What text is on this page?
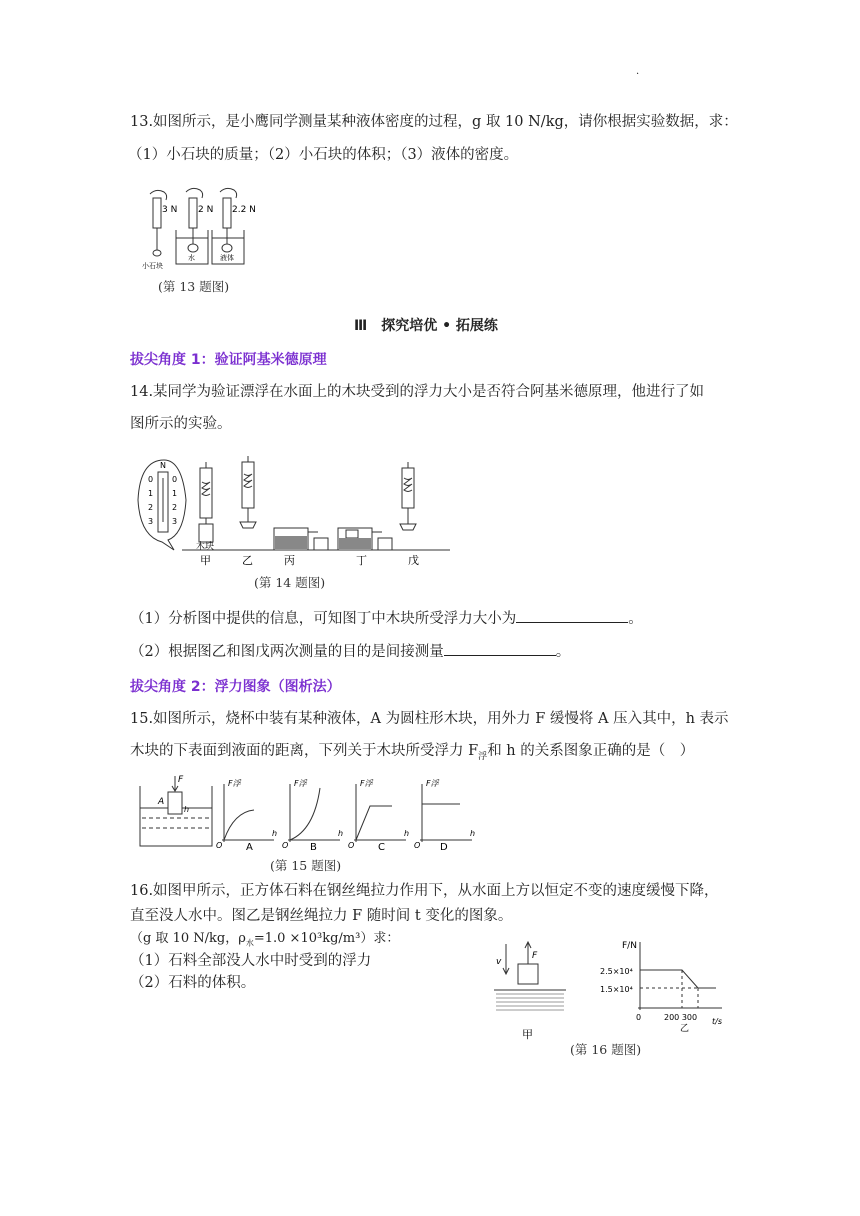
.
13.如图所示，是小鹰同学测量某种液体密度的过程，g 取 10 N/kg，请你根据实验数据，求：
（1）小石块的质量；（2）小石块的体积；（3）液体的密度。
3 N 2 N 2.2 N
小石块
水	液体
(第 13 题图)
Ⅲ　探究培优 • 拓展练
拔尖角度 1：验证阿基米德原理
14.某同学为验证漂浮在水面上的木块受到的浮力大小是否符合阿基米德原理，他进行了如
图所示的实验。
N
0
1
2
3
0
1
2
3
木块
甲	乙	丙	丁	戊
(第 14 题图)
（1）分析图中提供的信息，可知图丁中木块所受浮力大小为	。
（2）根据图乙和图戊两次测量的目的是间接测量	。
拔尖角度 2：浮力图象（图析法）
15.如图所示，烧杯中装有某种液体，A 为圆柱形木块，用外力 F 缓慢将 A 压入其中，h 表示
木块的下表面到液面的距离，下列关于木块所受浮力 $F_浮$和 h 的关系图象正确的是（　）
F
A
h
F浮
h
O A
F浮
h
O B
F浮
h
O C
F浮
h
O D
(第 15 题图)
16.如图甲所示，正方体石料在钢丝绳拉力作用下，从水面上方以恒定不变的速度缓慢下降，
直至没人水中。图乙是钢丝绳拉力 F 随时间 t 变化的图象。
（g 取 10 N/kg，$\rho_水=1.0 \times 10^3kg/m^3$）求：
（1）石料全部没人水中时受到的浮力
（2）石料的体积。
v
F
甲
F/N
2.5×10⁴
1.5×10⁴
0	200 300 t/s
乙
(第 16 题图)
